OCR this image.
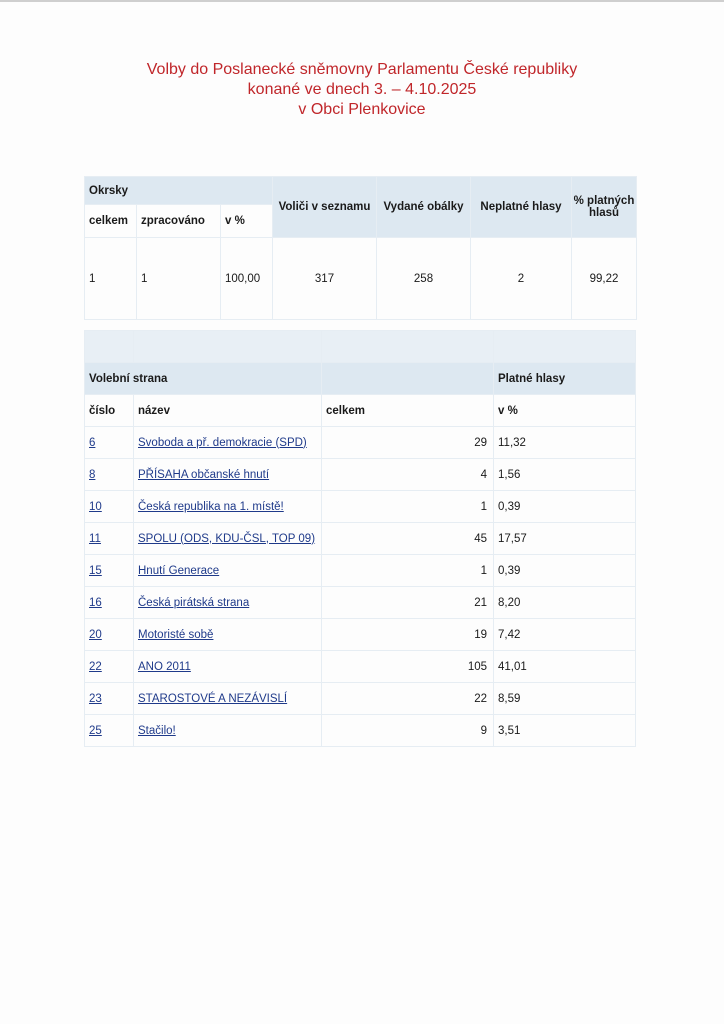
Volby do Poslanecké sněmovny Parlamentu České republiky
konané ve dnech 3. – 4.10.2025
v Obci Plenkovice
Okrsky			Voliči v seznamu	Vydané obálky	Neplatné hlasy	% platných
hlasů

celkem	zpracováno	v %				
1	1	100,00	317	258	2	99,22

Volební strana			Platné hlasy
číslo	název	celkem	v %
6	Svoboda a př. demokracie (SPD)	29	11,32
8	PŘÍSAHA občanské hnutí	4	1,56
10	Česká republika na 1. místě!	1	0,39
11	SPOLU (ODS, KDU-ČSL, TOP 09)	45	17,57
15	Hnutí Generace	1	0,39
16	Česká pirátská strana	21	8,20
20	Motoristé sobě	19	7,42
22	ANO 2011	105	41,01
23	STAROSTOVÉ A NEZÁVISLÍ	22	8,59
25	Stačilo!	9	3,51
